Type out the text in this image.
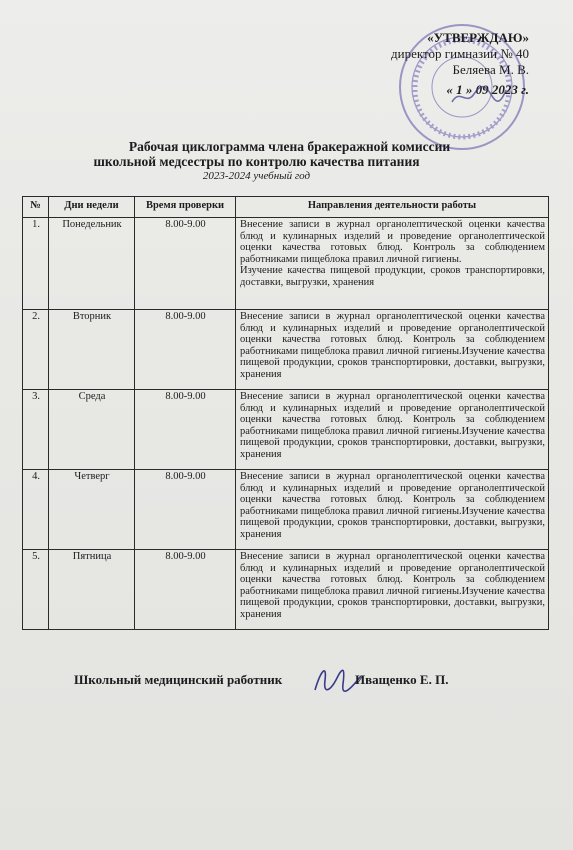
«УТВЕРЖДАЮ»
директор гимназии № 40
Беляева М. В.
« 1 » 09 2023 г.
Рабочая циклограмма члена бракеражной комиссии
школьной медсестры по контролю качества питания
2023-2024 учебный год
№	Дни недели	Время проверки	Направления деятельности работы
1.	Понедельник	8.00-9.00	Внесение записи в журнал органолептической оценки качества блюд и кулинарных изделий и проведение органолептической оценки качества готовых блюд. Контроль за соблюдением работниками пищеблока правил личной гигиены.
Изучение качества пищевой продукции, сроков транспортировки, доставки, выгрузки, хранения

2.	Вторник	8.00-9.00	Внесение записи в журнал органолептической оценки качества блюд и кулинарных изделий и проведение органолептической оценки качества готовых блюд. Контроль за соблюдением работниками пищеблока правил личной гигиены.Изучение качества пищевой продукции, сроков транспортировки, доставки, выгрузки, хранения
3.	Среда	8.00-9.00	Внесение записи в журнал органолептической оценки качества блюд и кулинарных изделий и проведение органолептической оценки качества готовых блюд. Контроль за соблюдением работниками пищеблока правил личной гигиены.Изучение качества пищевой продукции, сроков транспортировки, доставки, выгрузки, хранения
4.	Четверг	8.00-9.00	Внесение записи в журнал органолептической оценки качества блюд и кулинарных изделий и проведение органолептической оценки качества готовых блюд. Контроль за соблюдением работниками пищеблока правил личной гигиены.Изучение качества пищевой продукции, сроков транспортировки, доставки, выгрузки, хранения
5.	Пятница	8.00-9.00	Внесение записи в журнал органолептической оценки качества блюд и кулинарных изделий и проведение органолептической оценки качества готовых блюд. Контроль за соблюдением работниками пищеблока правил личной гигиены.Изучение качества пищевой продукции, сроков транспортировки, доставки, выгрузки, хранения
Школьный медицинский работник	Иващенко Е. П.
